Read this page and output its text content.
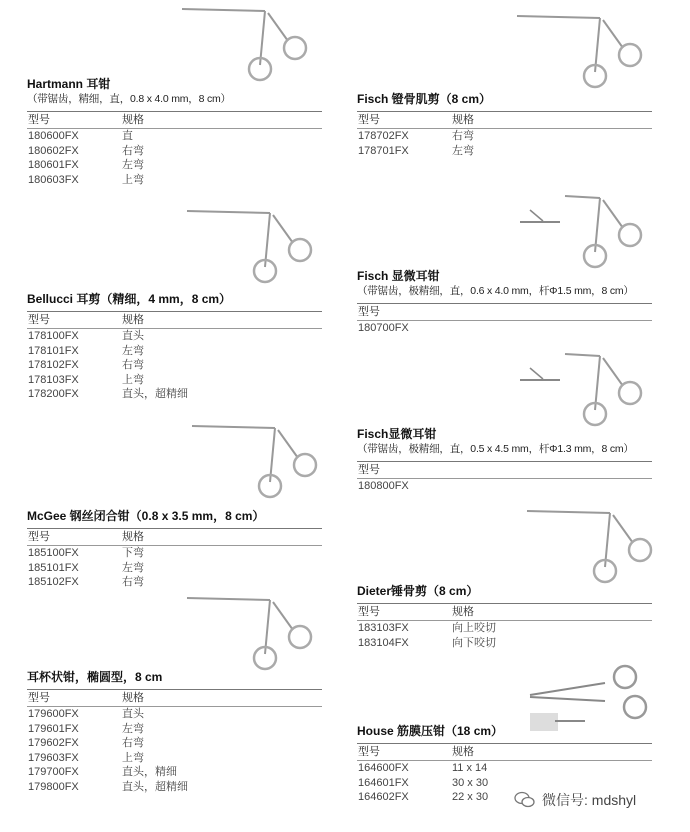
Hartmann 耳钳
（带锯齿，精细，直，0.8 x 4.0 mm，8 cm）
型号	规格
180600FX	直
180602FX	右弯
180601FX	左弯
180603FX	上弯
Bellucci 耳剪（精细，4 mm，8 cm）
型号	规格
178100FX	直头
178101FX	左弯
178102FX	右弯
178103FX	上弯
178200FX	直头，超精细
McGee 钢丝闭合钳（0.8 x 3.5 mm，8 cm）
型号	规格
185100FX	下弯
185101FX	左弯
185102FX	右弯
耳杯状钳，椭圆型，8 cm
型号	规格
179600FX	直头
179601FX	左弯
179602FX	右弯
179603FX	上弯
179700FX	直头，精细
179800FX	直头，超精细
Fisch 镫骨肌剪（8 cm）
型号	规格
178702FX	右弯
178701FX	左弯
Fisch 显微耳钳
（带锯齿，极精细，直，0.6 x 4.0 mm，杆Φ1.5 mm，8 cm）
型号
180700FX
Fisch显微耳钳
（带锯齿，极精细，直，0.5 x 4.5 mm，杆Φ1.3 mm，8 cm）
型号
180800FX
Dieter锤骨剪（8 cm）
型号	规格
183103FX	向上咬切
183104FX	向下咬切
House 筋膜压钳（18 cm）
型号	规格
164600FX	11 x 14
164601FX	30 x 30
164602FX	22 x 30	微信号: mdshyl
